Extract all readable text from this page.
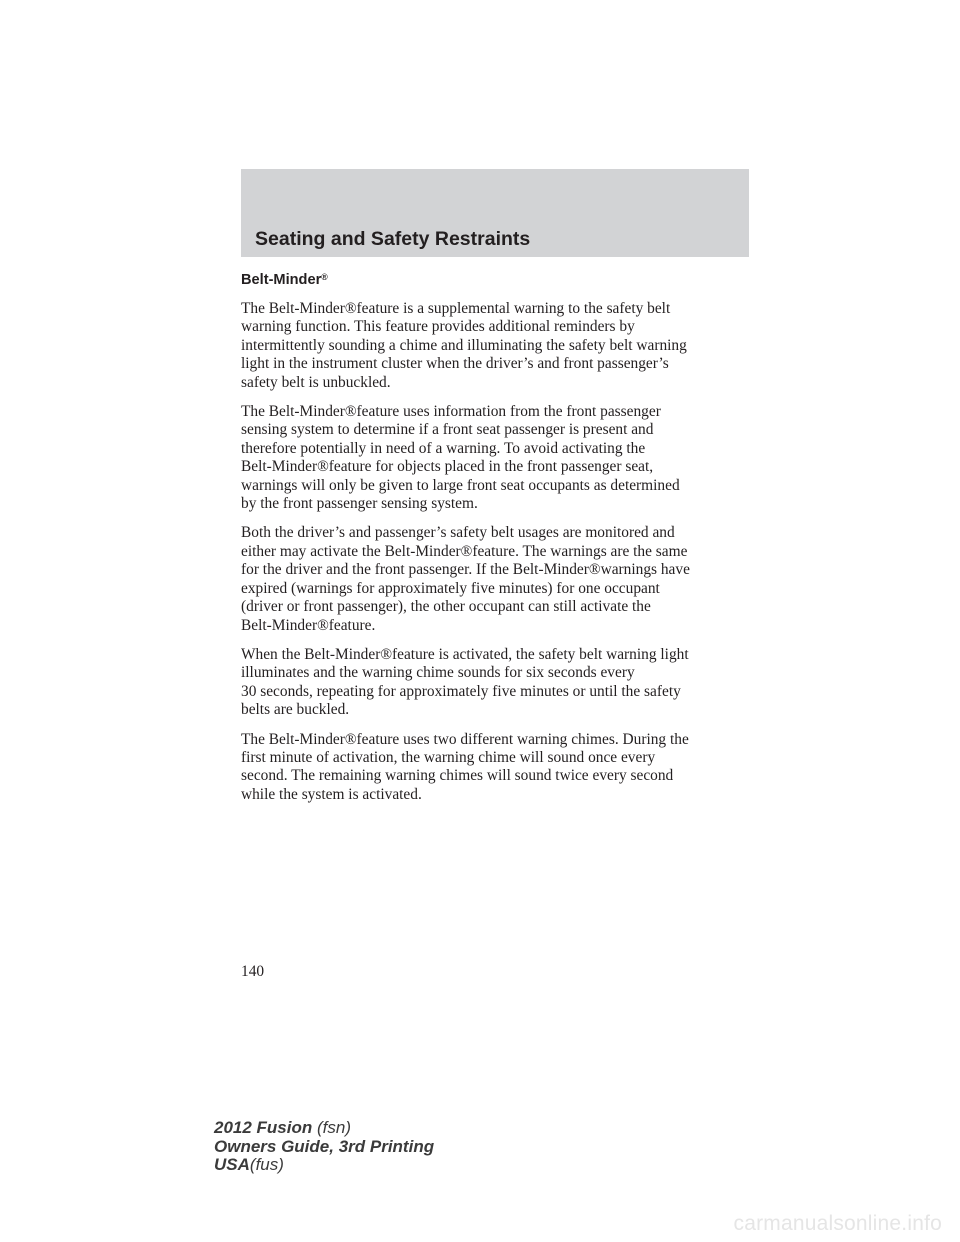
Seating and Safety Restraints
Belt-Minder®
The Belt-Minder®feature is a supplemental warning to the safety belt
warning function. This feature provides additional reminders by
intermittently sounding a chime and illuminating the safety belt warning
light in the instrument cluster when the driver’s and front passenger’s
safety belt is unbuckled.
The Belt-Minder®feature uses information from the front passenger
sensing system to determine if a front seat passenger is present and
therefore potentially in need of a warning. To avoid activating the
Belt-Minder®feature for objects placed in the front passenger seat,
warnings will only be given to large front seat occupants as determined
by the front passenger sensing system.
Both the driver’s and passenger’s safety belt usages are monitored and
either may activate the Belt-Minder®feature. The warnings are the same
for the driver and the front passenger. If the Belt-Minder®warnings have
expired (warnings for approximately five minutes) for one occupant
(driver or front passenger), the other occupant can still activate the
Belt-Minder®feature.
When the Belt-Minder®feature is activated, the safety belt warning light
illuminates and the warning chime sounds for six seconds every
30 seconds, repeating for approximately five minutes or until the safety
belts are buckled.
The Belt-Minder®feature uses two different warning chimes. During the
first minute of activation, the warning chime will sound once every
second. The remaining warning chimes will sound twice every second
while the system is activated.
140
2012 Fusion (fsn)
Owners Guide, 3rd Printing
USA(fus)
carmanualsonline.info
